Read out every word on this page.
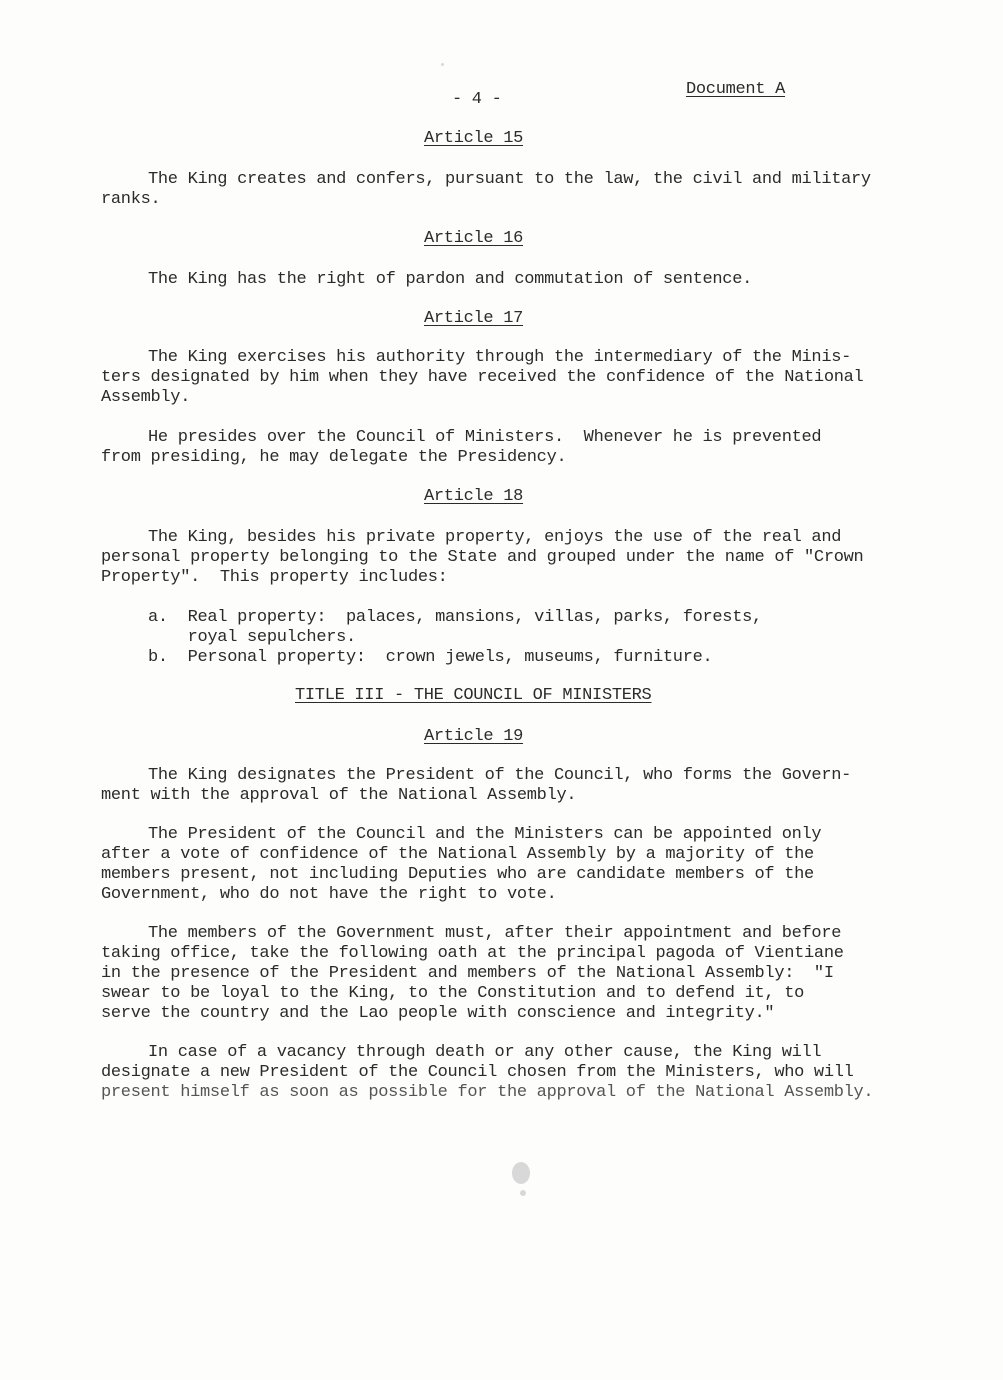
- 4 -
Document A
Article 15
The King creates and confers, pursuant to the law, the civil and military
ranks.
Article 16
The King has the right of pardon and commutation of sentence.
Article 17
The King exercises his authority through the intermediary of the Minis-
ters designated by him when they have received the confidence of the National
Assembly.
He presides over the Council of Ministers.  Whenever he is prevented
from presiding, he may delegate the Presidency.
Article 18
The King, besides his private property, enjoys the use of the real and
personal property belonging to the State and grouped under the name of "Crown
Property".  This property includes:
a.  Real property:  palaces, mansions, villas, parks, forests,
royal sepulchers.
b.  Personal property:  crown jewels, museums, furniture.
TITLE III - THE COUNCIL OF MINISTERS
Article 19
The King designates the President of the Council, who forms the Govern-
ment with the approval of the National Assembly.
The President of the Council and the Ministers can be appointed only
after a vote of confidence of the National Assembly by a majority of the
members present, not including Deputies who are candidate members of the
Government, who do not have the right to vote.
The members of the Government must, after their appointment and before
taking office, take the following oath at the principal pagoda of Vientiane
in the presence of the President and members of the National Assembly:  "I
swear to be loyal to the King, to the Constitution and to defend it, to
serve the country and the Lao people with conscience and integrity."
In case of a vacancy through death or any other cause, the King will
designate a new President of the Council chosen from the Ministers, who will
present himself as soon as possible for the approval of the National Assembly.
